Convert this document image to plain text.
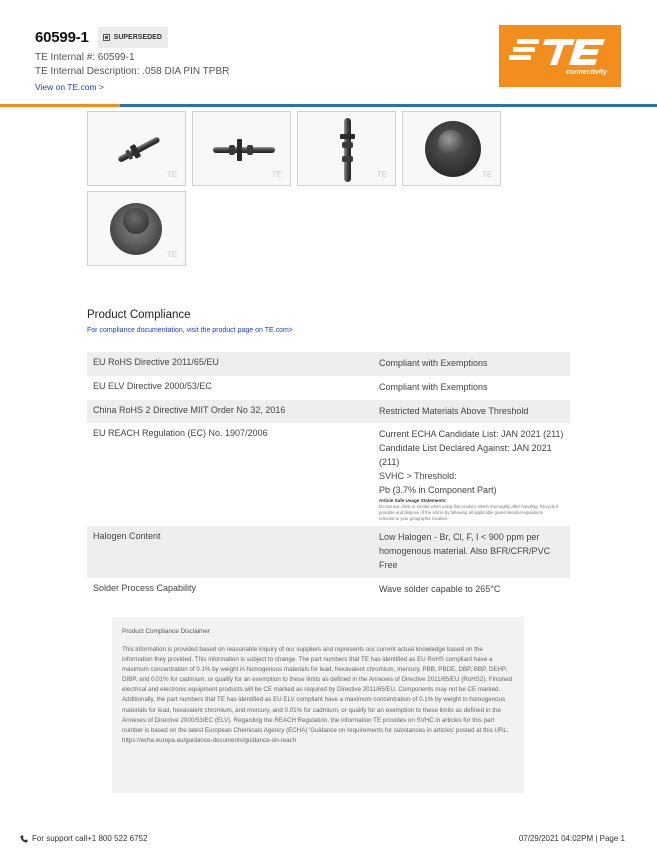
60599-1	SUPERSEDED
TE Internal #: 60599-1
TE Internal Description: .058 DIA PIN TPBR
View on TE.com >
connectivity
TE	TE	TE	TE
TE
Product Compliance
For compliance documentation, visit the product page on TE.com>
EU RoHS Directive 2011/65/EU	Compliant with Exemptions
EU ELV Directive 2000/53/EC	Compliant with Exemptions
China RoHS 2 Directive MIIT Order No 32, 2016	Restricted Materials Above Threshold
EU REACH Regulation (EC) No. 1907/2006	Current ECHA Candidate List: JAN 2021 (211)
Candidate List Declared Against: JAN 2021 (211)
SVHC > Threshold:
Pb (3.7% in Component Part)
Article Safe Usage Statements:
Do not eat, drink or smoke when using this product. Wash thoroughly after handling. Recycle if possible and dispose of the article by following all applicable governmental regulations relevant to your geographic location.
Halogen Content	Low Halogen - Br, Cl, F, I < 900 ppm per homogenous material. Also BFR/CFR/PVC Free
Solder Process Capability	Wave solder capable to 265°C
Product Compliance Disclaimer
This information is provided based on reasonable inquiry of our suppliers and represents our current actual knowledge based on the information they provided. This information is subject to change. The part numbers that TE has identified as EU RoHS compliant have a maximum concentration of 0.1% by weight in homogenous materials for lead, hexavalent chromium, mercury, PBB, PBDE, DBP, BBP, DEHP, DIBP, and 0.01% for cadmium, or qualify for an exemption to these limits as defined in the Annexes of Directive 2011/65/EU (RoHS2). Finished electrical and electronic equipment products will be CE marked as required by Directive 2011/65/EU. Components may not be CE marked. Additionally, the part numbers that TE has identified as EU ELV compliant have a maximum concentration of 0.1% by weight in homogenous materials for lead, hexavalent chromium, and mercury, and 0.01% for cadmium, or qualify for an exemption to these limits as defined in the Annexes of Directive 2000/53/EC (ELV). Regarding the REACH Regulation, the information TE provides on SVHC in articles for this part number is based on the latest European Chemicals Agency (ECHA) 'Guidance on requirements for substances in articles' posted at this URL: https://echa.europa.eu/guidance-documents/guidance-on-reach
For support call+1 800 522 6752	07/29/2021 04:02PM | Page 1
